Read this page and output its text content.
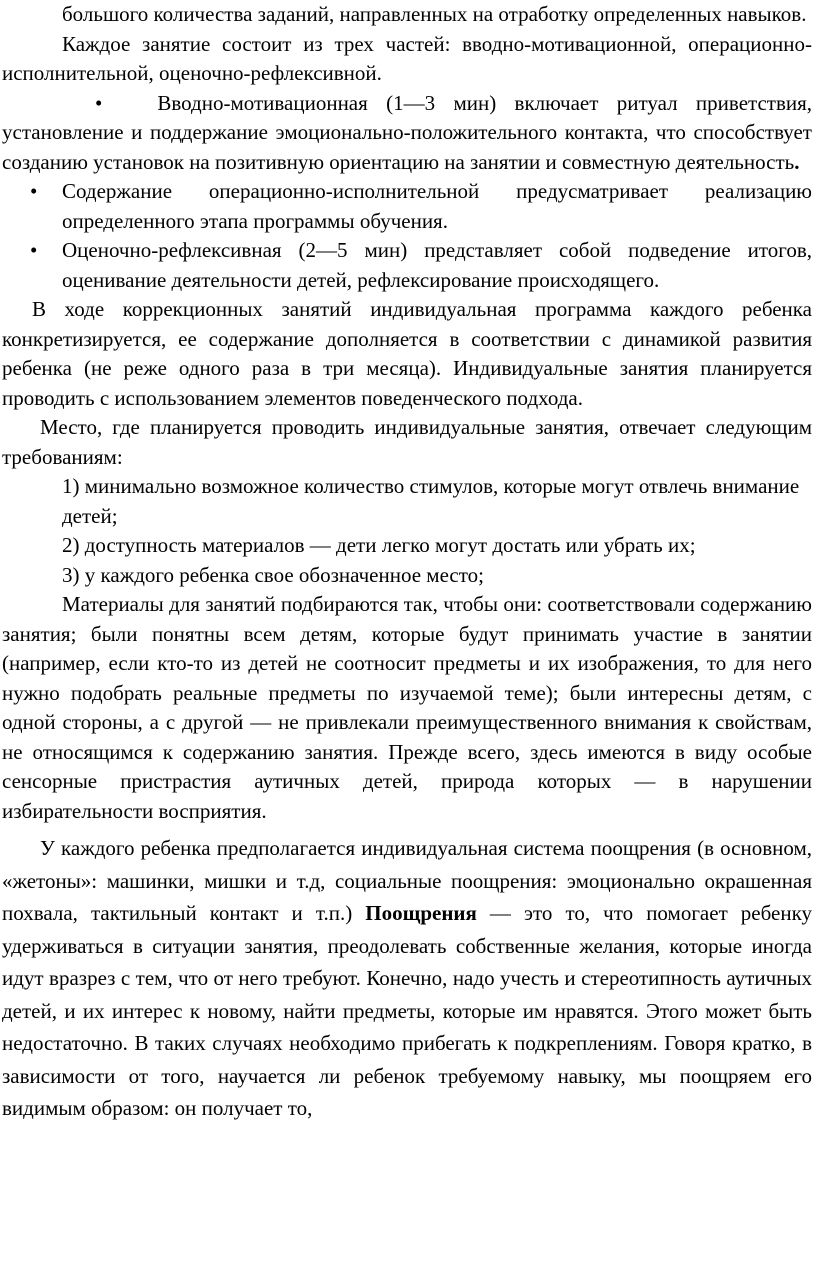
большого количества заданий, направленных на отработку определенных навыков.

Каждое занятие состоит из трех частей: вводно-мотивационной, операционно-исполнительной, оценочно-рефлексивной.

•	Вводно-мотивационная (1—3 мин) включает ритуал приветствия, установление и поддержание эмоционально-положительного контакта, что способствует созданию установок на позитивную ориентацию на занятии и совместную деятельность.

• Содержание операционно-исполнительной предусматривает реализацию определенного этапа программы обучения.
• Оценочно-рефлексивная (2—5 мин) представляет собой подведение итогов, оценивание деятельности детей, рефлексирование происходящего.

В ходе коррекционных занятий индивидуальная программа каждого ребенка конкретизируется, ее содержание дополняется в соответствии с динамикой развития ребенка (не реже одного раза в три месяца). Индивидуальные занятия планируется проводить с использованием элементов поведенческого подхода.

Место, где планируется проводить индивидуальные занятия, отвечает следующим требованиям:

1) минимально возможное количество стимулов, которые могут отвлечь внимание детей;

2) доступность материалов — дети легко могут достать или убрать их;

3) у каждого ребенка свое обозначенное место;

Материалы для занятий подбираются так, чтобы они: соответствовали содержанию занятия; были понятны всем детям, которые будут принимать участие в занятии (например, если кто-то из детей не соотносит предметы и их изображения, то для него нужно подобрать реальные предметы по изучаемой теме); были интересны детям, с одной стороны, а с другой — не привлекали преимущественного внимания к свойствам, не относящимся к содержанию занятия. Прежде всего, здесь имеются в виду особые сенсорные пристрастия аутичных детей, природа которых — в нарушении избирательности восприятия.

У каждого ребенка предполагается индивидуальная система поощрения (в основном, «жетоны»: машинки, мишки и т.д, социальные поощрения: эмоционально окрашенная похвала, тактильный контакт и т.п.) Поощрения — это то, что помогает ребенку удерживаться в ситуации занятия, преодолевать собственные желания, которые иногда идут вразрез с тем, что от него требуют. Конечно, надо учесть и стереотипность аутичных детей, и их интерес к новому, найти предметы, которые им нравятся. Этого может быть недостаточно. В таких случаях необходимо прибегать к подкреплениям. Говоря кратко, в зависимости от того, научается ли ребенок требуемому навыку, мы поощряем его видимым образом: он получает то,
